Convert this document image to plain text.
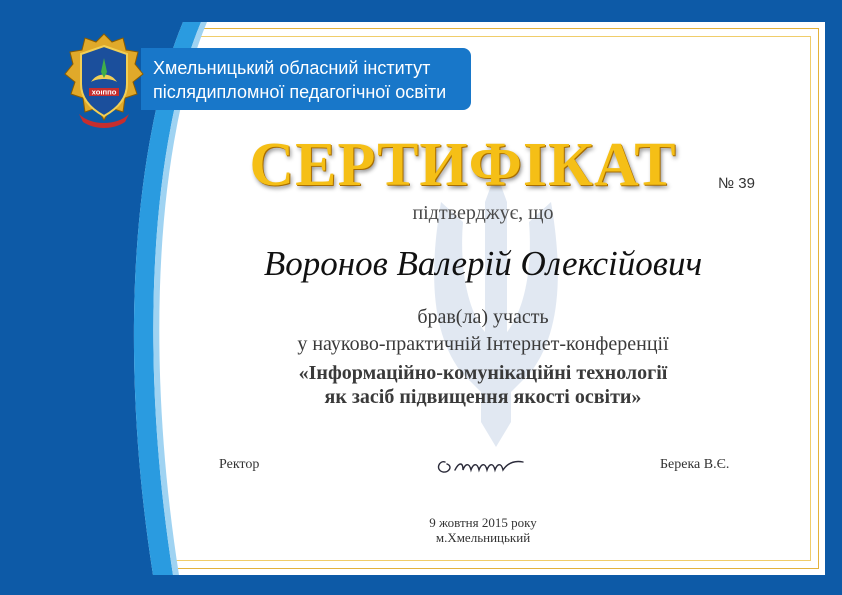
Хмельницький обласний інститут
післядипломної педагогічної освіти
ХОІППО
СЕРТИФІКАТ	№ 39
підтверджує, що
Воронов Валерій Олексійович
брав(ла) участь
у науково-практичній Інтернет-конференції
«Інформаційно-комунікаційні технології
як засіб підвищення якості освіти»
Ректор	Берека В.Є.
9 жовтня 2015 року
м.Хмельницький
